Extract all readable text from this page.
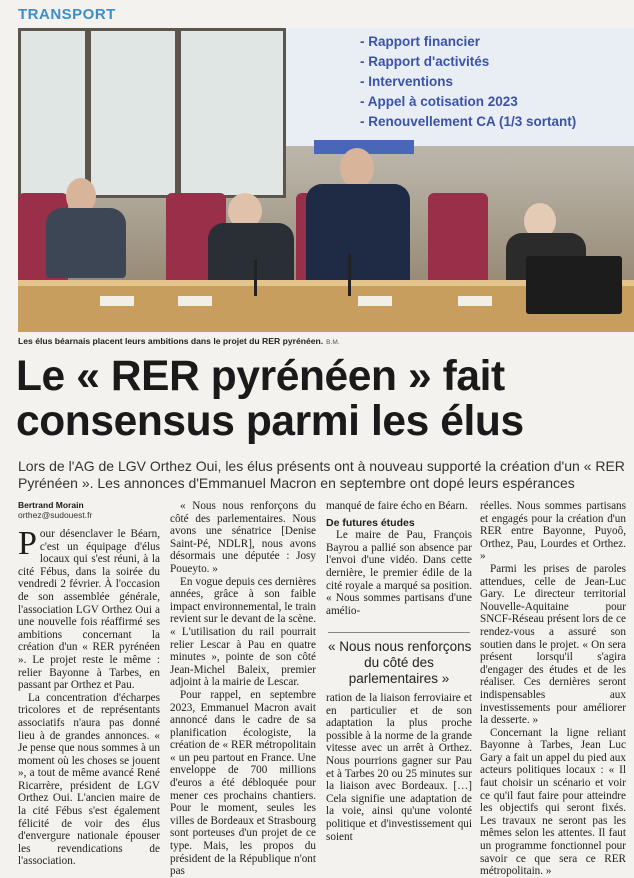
TRANSPORT
- Rapport financier
- Rapport d'activités
- Interventions
- Appel à cotisation 2023
- Renouvellement CA (1/3 sortant)
Les élus béarnais placent leurs ambitions dans le projet du RER pyrénéen. B.M.
Le « RER pyrénéen » fait
consensus parmi les élus
Lors de l'AG de LGV Orthez Oui, les élus présents ont à nouveau supporté la création d'un « RER
Pyrénéen ». Les annonces d'Emmanuel Macron en septembre ont dopé leurs espérances
Bertrand Morain
orthez@sudouest.fr

Pour désenclaver le Béarn, c'est un équipage d'élus locaux qui s'est réuni, à la cité Fébus, dans la soirée du vendredi 2 février. À l'occasion de son assemblée générale, l'association LGV Orthez Oui a une nouvelle fois réaffirmé ses ambitions concernant la création d'un « RER pyrénéen ». Le projet reste le même : relier Bayonne à Tarbes, en passant par Orthez et Pau.

La concentration d'écharpes tricolores et de représentants associatifs n'aura pas donné lieu à de grandes annonces. « Je pense que nous sommes à un moment où les choses se jouent », a tout de même avancé René Ricarrère, président de LGV Orthez Oui. L'ancien maire de la cité Fébus s'est également félicité de voir des élus d'envergure nationale épouser les revendications de l'association.

« Nous nous renforçons du côté des parlementaires. Nous avons une sénatrice [Denise Saint-Pé, NDLR], nous avons désormais une députée : Josy Poueyto. »

En vogue depuis ces dernières années, grâce à son faible impact environnemental, le train revient sur le devant de la scène. « L'utilisation du rail pourrait relier Lescar à Pau en quatre minutes », pointe de son côté Jean-Michel Baleix, premier adjoint à la mairie de Lescar.

Pour rappel, en septembre 2023, Emmanuel Macron avait annoncé dans le cadre de sa planification écologiste, la création de « RER métropolitain « un peu partout en France. Une enveloppe de 700 millions d'euros a été débloquée pour mener ces prochains chantiers. Pour le moment, seules les villes de Bordeaux et Strasbourg sont porteuses d'un projet de ce type. Mais, les propos du président de la République n'ont pas

manqué de faire écho en Béarn.

De futures études

Le maire de Pau, François Bayrou a pallié son absence par l'envoi d'une vidéo. Dans cette dernière, le premier édile de la cité royale a marqué sa position. « Nous sommes partisans d'une amélio-

« Nous nous renforçons
du côté des
parlementaires »

ration de la liaison ferroviaire et en particulier et de son adaptation la plus proche possible à la norme de la grande vitesse avec un arrêt à Orthez. Nous pourrions gagner sur Pau et à Tarbes 20 ou 25 minutes sur la liaison avec Bordeaux. […] Cela signifie une adaptation de la voie, ainsi qu'une volonté politique et d'investissement qui soient

réelles. Nous sommes partisans et engagés pour la création d'un RER entre Bayonne, Puyoô, Orthez, Pau, Lourdes et Orthez. »

Parmi les prises de paroles attendues, celle de Jean-Luc Gary. Le directeur territorial Nouvelle-Aquitaine pour SNCF-Réseau présent lors de ce rendez-vous a assuré son soutien dans le projet. « On sera présent lorsqu'il s'agira d'engager des études et de les réaliser. Ces dernières seront indispensables aux investissements pour améliorer la desserte. »

Concernant la ligne reliant Bayonne à Tarbes, Jean Luc Gary a fait un appel du pied aux acteurs politiques locaux : « Il faut choisir un scénario et voir ce qu'il faut faire pour atteindre les objectifs qui seront fixés. Les travaux ne seront pas les mêmes selon les attentes. Il faut un programme fonctionnel pour savoir ce que sera ce RER métropolitain. »
